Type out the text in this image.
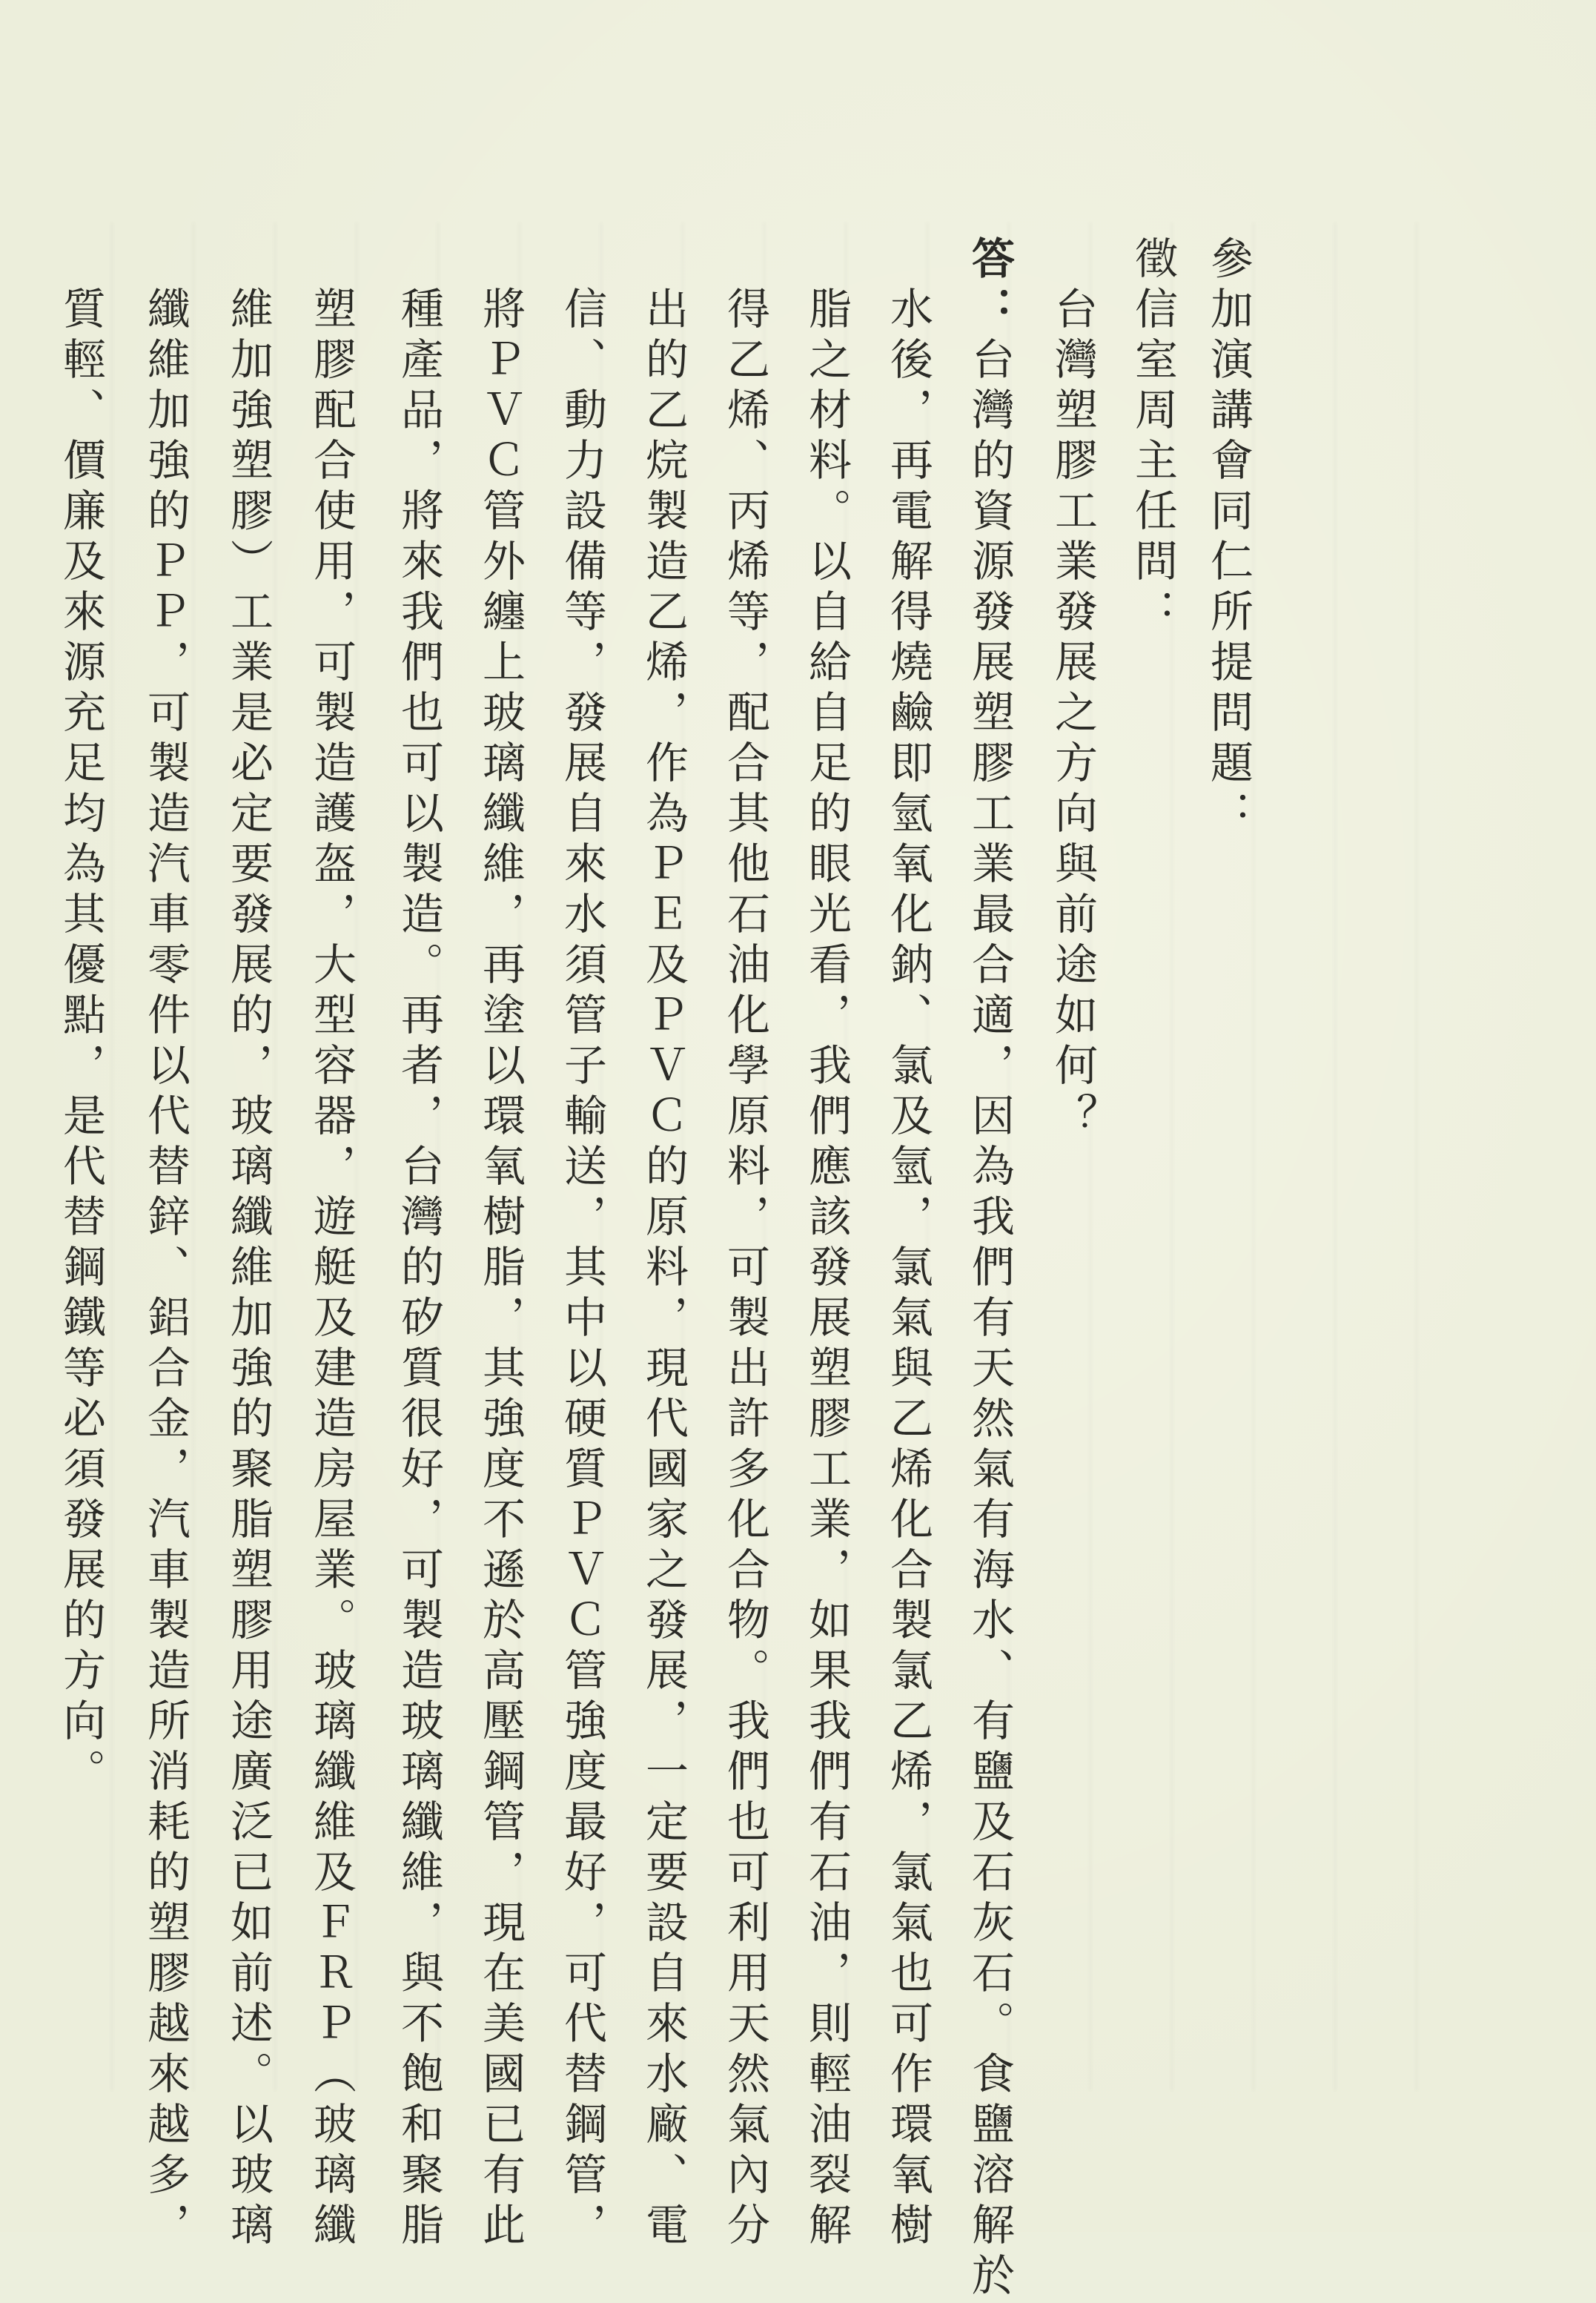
參加演講會同仁所提問題：
徵信室周主任問：
台灣塑膠工業發展之方向與前途如何？
答：台灣的資源發展塑膠工業最合適，因為我們有天然氣有海水、有鹽及石灰石。食鹽溶解於
水後，再電解得燒鹼即氫氧化鈉、氯及氫，氯氣與乙烯化合製氯乙烯，氯氣也可作環氧樹
脂之材料。以自給自足的眼光看，我們應該發展塑膠工業，如果我們有石油，則輕油裂解
得乙烯、丙烯等，配合其他石油化學原料，可製出許多化合物。我們也可利用天然氣內分
出的乙烷製造乙烯，作為ＰＥ及ＰＶＣ的原料，現代國家之發展，一定要設自來水廠、電
信、動力設備等，發展自來水須管子輸送，其中以硬質ＰＶＣ管強度最好，可代替鋼管，
將ＰＶＣ管外纏上玻璃纖維，再塗以環氧樹脂，其強度不遜於高壓鋼管，現在美國已有此
種產品，將來我們也可以製造。再者，台灣的矽質很好，可製造玻璃纖維，與不飽和聚脂
塑膠配合使用，可製造護盔，大型容器，遊艇及建造房屋業。玻璃纖維及ＦＲＰ（玻璃纖
維加強塑膠）工業是必定要發展的，玻璃纖維加強的聚脂塑膠用途廣泛已如前述。以玻璃
纖維加強的ＰＰ，可製造汽車零件以代替鋅、鋁合金，汽車製造所消耗的塑膠越來越多，
質輕、價廉及來源充足均為其優點，是代替鋼鐵等必須發展的方向。
